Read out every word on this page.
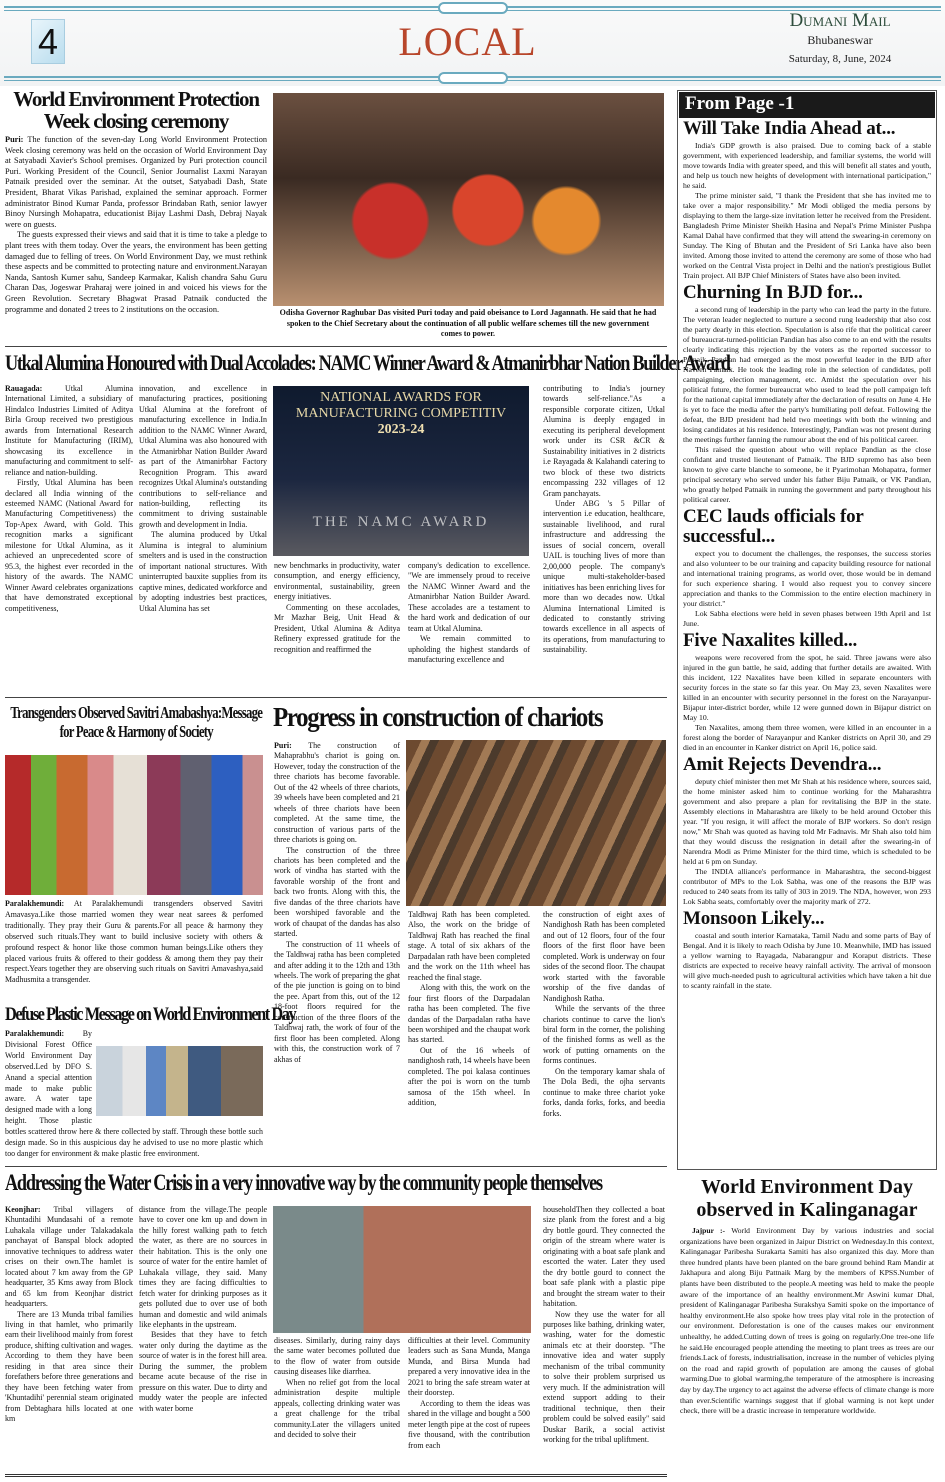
4	LOCAL	Dumani Mail
Bhubaneswar
Saturday, 8, June, 2024
World Environment Protection Week closing ceremony

Puri: The function of the seven-day Long World Environment Protection Week closing ceremony was held on the occasion of World Environment Day at Satyabadi Xavier's School premises. Organized by Puri protection council Puri. Working President of the Council, Senior Journalist Laxmi Narayan Patnaik presided over the seminar. At the outset, Satyabadi Dash, State President, Bharat Vikas Parishad, explained the seminar approach. Former administrator Binod Kumar Panda, professor Brindaban Rath, senior lawyer Binoy Nursingh Mohapatra, educationist Bijay Lashmi Dash, Debraj Nayak were on guests.

The guests expressed their views and said that it is time to take a pledge to plant trees with them today. Over the years, the environment has been getting damaged due to felling of trees. On World Environment Day, we must rethink these aspects and be committed to protecting nature and environment.Narayan Nanda, Santosh Kumer sahu, Sandeep Karmakar, Kalish chandra Sahu Guru Charan Das, Jogeswar Praharaj were joined in and voiced his views for the Green Revolution. Secretary Bhagwat Prasad Patnaik conducted the programme and donated 2 trees to 2 institutions on the occasion.	Odisha Governor Raghubar Das visited Puri today and paid obeisance to Lord Jagannath. He said that he had spoken to the Chief Secretary about the continuation of all public welfare schemes till the new government comes to power.
Utkal Alumina Honoured with Dual Accolades: NAMC Winner Award & Atmanirbhar Nation Builder Award

Rauagada:	Utkal Alumina International Limited, a subsidiary of Hindalco Industries Limited of Aditya Birla Group received two prestigious awards from International Research Institute for Manufacturing (IRIM), showcasing its excellence in manufacturing and commitment to self-reliance and nation-building.

Firstly, Utkal Alumina has been declared all India winning of the esteemed NAMC (National Award for Manufacturing Competitiveness) the Top-Apex Award, with Gold. This recognition marks a significant milestone for Utkal Alumina, as it achieved an unprecedented score of 95.3, the highest ever recorded in the history of the awards. The NAMC Winner Award celebrates organizations that have demonstrated exceptional competitiveness,

innovation, and excellence in manufacturing practices, positioning Utkal Alumina at the forefront of manufacturing excellence in India.In addition to the NAMC Winner Award, Utkal Alumina was also honoured with the Atmanirbhar Nation Builder Award as part of the Atmanirbhar Factory Recognition Program. This award recognizes Utkal Alumina's outstanding contributions to self-reliance and nation-building, reflecting its commitment to driving sustainable growth and development in India.

The alumina produced by Utkal Alumina is integral to aluminium smelters and is used in the construction of important national structures. With uninterrupted bauxite supplies from its captive mines, dedicated workforce and by adopting industries best practices, Utkal Alumina has set

NATIONAL AWARDS FOR
MANUFACTURING COMPETITIV
2023-24
THE NAMC AWARD

new benchmarks in productivity, water consumption, and energy efficiency, environmental, sustainability, green energy initiatives.

Commenting on these accolades, Mr Mazhar Beig, Unit Head & President, Utkal Alumina & Aditya Refinery expressed gratitude for the recognition and reaffirmed the

company's dedication to excellence. "We are immensely proud to receive the NAMC Winner Award and the Atmanirbhar Nation Builder Award. These accolades are a testament to the hard work and dedication of our team at Utkal Alumina.

We remain committed to upholding the highest standards of manufacturing excellence and

contributing to India's journey towards self-reliance."As a responsible corporate citizen, Utkal Alumina is deeply engaged in executing its peripheral development work under its CSR &CR & Sustainability initiatives in 2 districts i.e Rayagada & Kalahandi catering to two block of these two districts encompassing 232 villages of 12 Gram panchayats.

Under ABG 's 5 Pillar of intervention i.e education, healthcare, sustainable livelihood, and rural infrastructure and addressing the issues of social concern, overall UAIL is touching lives of more than 2,00,000 people. The company's unique multi-stakeholder-based initiatives has been enriching lives for more than wo decades now. Utkal Alumina International Limited is dedicated to constantly striving towards excellence in all aspects of its operations, from manufacturing to sustainability.

Transgenders Observed Savitri Amabashya:Message for Peace & Harmony of Society

Paralakhemundi: At Paralakhemundi transgenders observed Savitri Amavasya.Like those married women they wear neat sarees & perfomed traditionally. They pray their Guru & parents.For all peace & harmony they observed such rituals.They want to build inclusive society with others & profound respect & honor like those common human beings.Like others they placed various fruits & offered to their goddess & among them they pay their respect.Years together they are observing such rituals on Savitri Amavashya,said Madhusmita a transgender.

Defuse Plastic Message on World Environment Day

Paralakhemundi: By Divisional Forest Office World Environment Day observed.Led by DFO S. Anand a special attention made to make public aware. A water tape designed made with a long height. Those plastic bottles scattered throw here & there collected by staff. Through these bottle such design made. So in this auspicious day he advised to use no more plastic which too danger for environment & make plastic free environment.

Progress in construction of chariots

Puri: The construction of Mahaprabhu's chariot is going on. However, today the construction of the three chariots has become favorable. Out of the 42 wheels of three chariots, 39 wheels have been completed and 21 wheels of three chariots have been completed. At the same time, the construction of various parts of the three chariots is going on.

The construction of the three chariots has been completed and the work of vindha has started with the favorable worship of the front and back two fronts. Along with this, the five dandas of the three chariots have been worshiped favorable and the work of chaupat of the dandas has also started.

The construction of 11 wheels of the Taldhwaj ratha has been completed and after adding it to the 12th and 13th wheels. The work of preparing the ghat of the pie junction is going on to bind the pee. Apart from this, out of the 12 18-foot floors required for the construction of the three floors of the Taldhwaj rath, the work of four of the first floor has been completed. Along with this, the construction work of 7 akhas of

Taldhwaj Rath has been completed. Also, the work on the bridge of Taldhwaj Rath has reached the final stage. A total of six akhars of the Darpadalan rath have been completed and the work on the 11th wheel has reached the final stage.

Along with this, the work on the four first floors of the Darpadalan ratha has been completed. The five dandas of the Darpadalan ratha have been worshiped and the chaupat work has started.

Out of the 16 wheels of nandighosh rath, 14 wheels have been completed. The poi kalasa continues after the poi is worn on the tumb samosa of the 15th wheel. In addition,

the construction of eight axes of Nandighosh Rath has been completed and out of 12 floors, four of the four floors of the first floor have been completed. Work is underway on four sides of the second floor. The chaupat work started with the favorable worship of the five dandas of Nandighosh Ratha.

While the servants of the three chariots continue to carve the lion's biral form in the corner, the polishing of the finished forms as well as the work of putting ornaments on the forms continues.

On the temporary kamar shala of The Dola Bedi, the ojha servants continue to make three chariot yoke forks, danda forks, forks, and beedia forks.

Addressing the Water Crisis in a very innovative way by the community people themselves

Keonjhar: Tribal villagers of Khuntadihi Mundasahi of a remote Luhakala village under Talakadakala panchayat of Banspal block adopted innovative techniques to address water crises on their own.The hamlet is located about 7 km away from the GP headquarter, 35 Kms away from Block and 65 km from Keonjhar district headquarters.

There are 13 Munda tribal families living in that hamlet, who primarily earn their livelihood mainly from forest produce, shifting cultivation and wages. According to them they have been residing in that area since their forefathers before three generations and they have been fetching water from 'Khuntadihi' perennial steam originated from Debtaghara hills located at one km

distance from the village.The people have to cover one km up and down in the hilly forest walking path to fetch the water, as there are no sources in their habitation. This is the only one source of water for the entire hamlet of Luhakala village, they said. Many times they are facing difficulties to fetch water for drinking purposes as it gets polluted due to over use of both human and domestic and wild animals like elephants in the upstream.

Besides that they have to fetch water only during the daytime as the source of water is in the forest hill area. During the summer, the problem became acute because of the rise in pressure on this water. Due to dirty and muddy water the people are infected with water borne

diseases. Similarly, during rainy days the same water becomes polluted due to the flow of water from outside causing diseases like diarrhea.

When no relief got from the local administration despite multiple appeals, collecting drinking water was a great challenge for the tribal community.Later the villagers united and decided to solve their

difficulties at their level. Community leaders such as Sana Munda, Manga Munda, and Birsa Munda had prepared a very innovative idea in the 2021 to bring the safe stream water at their doorstep.

According to them the ideas was shared in the village and bought a 500 meter length pipe at the cost of rupees five thousand, with the contribution from each

householdThen they collected a boat size plank from the forest and a big dry bottle gourd. They connected the origin of the stream where water is originating with a boat safe plank and escorted the water. Later they used the dry bottle gourd to connect the boat safe plank with a plastic pipe and brought the stream water to their habitation.

Now they use the water for all purposes like bathing, drinking water, washing, water for the domestic animals etc at their doorstep. "The innovative idea and water supply mechanism of the tribal community to solve their problem surprised us very much. If the administration will extend support adding to their traditional technique, then their problem could be solved easily" said Duskar Barik, a social activist working for the tribal upliftment.

From Page -1
Will Take India Ahead at...

India's GDP growth is also praised. Due to coming back of a stable government, with experienced leadership, and familiar systems, the world will move towards India with greater speed, and this will benefit all states and youth, and help us touch new heights of development with international participation," he said.

The prime minister said, "I thank the President that she has invited me to take over a major responsibility." Mr Modi obliged the media persons by displaying to them the large-size invitation letter he received from the President. Bangladesh Prime Minister Sheikh Hasina and Nepal's Prime Minister Pushpa Kamal Dahal have confirmed that they will attend the swearing-in ceremony on Sunday. The King of Bhutan and the President of Sri Lanka have also been invited. Among those invited to attend the ceremony are some of those who had worked on the Central Vista project in Delhi and the nation's prestigious Bullet Train project. All BJP Chief Ministers of States have also been invited.

Churning In BJD for...

a second rung of leadership in the party who can lead the party in the future. The veteran leader neglected to nurture a second rung leadership that also cost the party dearly in this election. Speculation is also rife that the political career of bureaucrat-turned-politician Pandian has also come to an end with the results clearly indicating this rejection by the voters as the reported successor to Patnaik. Pandian had emerged as the most powerful leader in the BJD after Naveen Patnaik. He took the leading role in the selection of candidates, poll campaigning, election management, etc. Amidst the speculation over his political future, the former bureaucrat who used to lead the poll campaign left for the national capital immediately after the declaration of results on June 4. He is yet to face the media after the party's humiliating poll defeat. Following the defeat, the BJD president had held two meetings with both the winning and losing candidates at his residence. Interestingly, Pandian was not present during the meetings further fanning the rumour about the end of his political career.

This raised the question about who will replace Pandian as the close confidant and trusted lieutenant of Patnaik. The BJD supremo has also been known to give carte blanche to someone, be it Pyarimohan Mohapatra, former principal secretary who served under his father Biju Patnaik, or VK Pandian, who greatly helped Patnaik in running the government and party throughout his political career.

CEC lauds officials for successful...

expect you to document the challenges, the responses, the success stories and also volunteer to be our training and capacity building resource for national and international training programs, as world over, those would be in demand for such experience sharing. I would also request you to convey sincere appreciation and thanks to the Commission to the entire election machinery in your district."

Lok Sabha elections were held in seven phases between 19th April and 1st June.

Five Naxalites killed...

weapons were recovered from the spot, he said. Three jawans were also injured in the gun battle, he said, adding that further details are awaited. With this incident, 122 Naxalites have been killed in separate encounters with security forces in the state so far this year. On May 23, seven Naxalites were killed in an encounter with security personnel in the forest on the Narayanpur-Bijapur inter-district border, while 12 were gunned down in Bijapur district on May 10.

Ten Naxalites, among them three women, were killed in an encounter in a forest along the border of Narayanpur and Kanker districts on April 30, and 29 died in an encounter in Kanker district on April 16, police said.

Amit Rejects Devendra...

deputy chief minister then met Mr Shah at his residence where, sources said, the home minister asked him to continue working for the Maharashtra government and also prepare a plan for revitalising the BJP in the state. Assembly elections in Maharashtra are likely to be held around October this year. "If you resign, it will affect the morale of BJP workers. So don't resign now," Mr Shah was quoted as having told Mr Fadnavis. Mr Shah also told him that they would discuss the resignation in detail after the swearing-in of Narendra Modi as Prime Minister for the third time, which is scheduled to be held at 6 pm on Sunday.

The INDIA alliance's performance in Maharashtra, the second-biggest contributor of MPs to the Lok Sabha, was one of the reasons the BJP was reduced to 240 seats from its tally of 303 in 2019. The NDA, however, won 293 Lok Sabha seats, comfortably over the majority mark of 272.

Monsoon Likely...

coastal and south interior Karnataka, Tamil Nadu and some parts of Bay of Bengal. And it is likely to reach Odisha by June 10. Meanwhile, IMD has issued a yellow warning to Rayagada, Nabarangpur and Koraput districts. These districts are expected to receive heavy rainfall activity. The arrival of monsoon will give much-needed push to agricultural activities which have taken a hit due to scanty rainfall in the state.

World Environment Day observed in Kalinganagar

Jajpur :- World Environment Day by various industries and social organizations have been organized in Jaipur District on Wednesday.In this context, Kalinganagar Paribesha Surakarta Samiti has also organized this day. More than three hundred plants have been planted on the bare ground behind Ram Mandir at Jakhapura and along Biju Pattnaik Marg by the members of KPSS.Number of plants have been distributed to the people.A meeting was held to make the people aware of the importance of an healthy environment.Mr Aswini kumar Dhal, president of Kalinganagar Paribesha Surakshya Samiti spoke on the importance of healthy environment.He also spoke how trees play vital role in the protection of our environment. Deforestation is one of the causes makes our environment unhealthy, he added.Cutting down of trees is going on regularly.One tree-one life he said.He encouraged people attending the meeting to plant trees as trees are our friends.Lack of forests, industrialisation, increase in the number of vehicles plying on the road and rapid growth of population are among the causes of global warming.Due to global warming,the temperature of the atmosphere is increasing day by day.The urgency to act against the adverse effects of climate change is more than ever.Scientific warnings suggest that if global warming is not kept under check, there will be a drastic increase in temperature worldwide.
